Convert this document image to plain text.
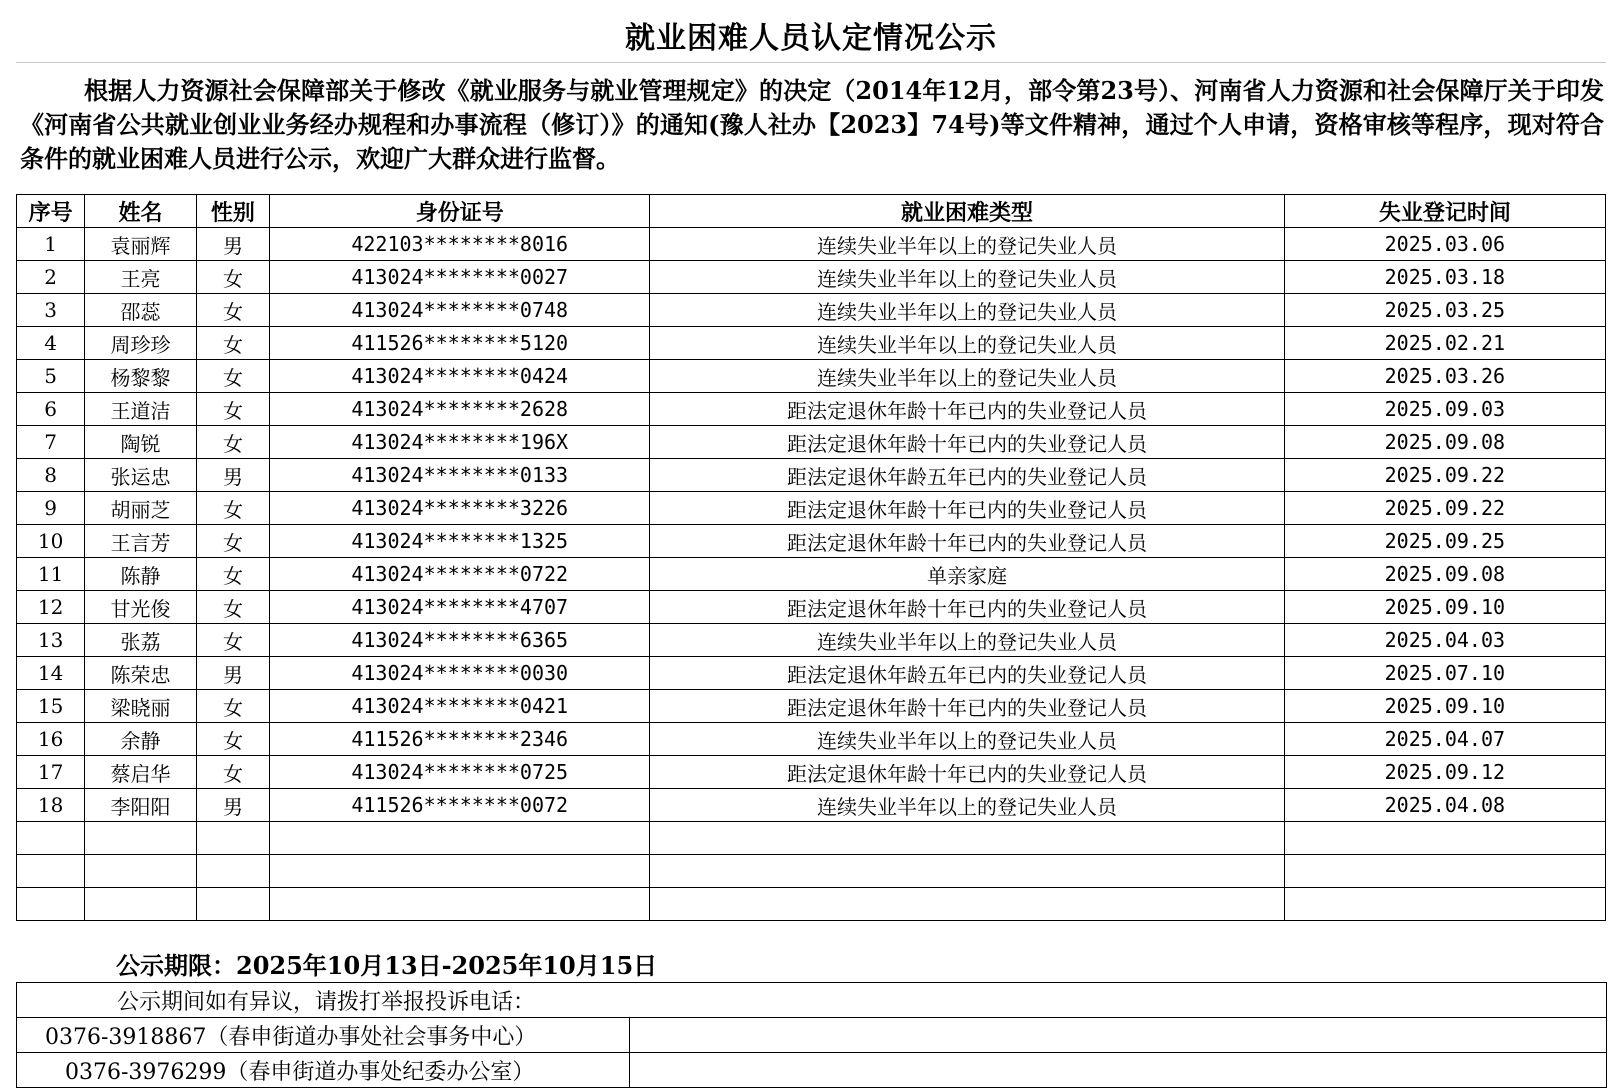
就业困难人员认定情况公示
根据人力资源社会保障部关于修改《就业服务与就业管理规定》的决定（2014年12月，部令第23号）、河南省人力资源和社会保障厅关于印发《河南省公共就业创业业务经办规程和办事流程（修订）》的通知(豫人社办【2023】74号)等文件精神，通过个人申请，资格审核等程序，现对符合条件的就业困难人员进行公示，欢迎广大群众进行监督。
序号	姓名	性别	身份证号	就业困难类型	失业登记时间
1	袁丽辉	男	422103********8016	连续失业半年以上的登记失业人员	2025.03.06
2	王亮	女	413024********0027	连续失业半年以上的登记失业人员	2025.03.18
3	邵蕊	女	413024********0748	连续失业半年以上的登记失业人员	2025.03.25
4	周珍珍	女	411526********5120	连续失业半年以上的登记失业人员	2025.02.21
5	杨黎黎	女	413024********0424	连续失业半年以上的登记失业人员	2025.03.26
6	王道洁	女	413024********2628	距法定退休年龄十年已内的失业登记人员	2025.09.03
7	陶锐	女	413024********196X	距法定退休年龄十年已内的失业登记人员	2025.09.08
8	张运忠	男	413024********0133	距法定退休年龄五年已内的失业登记人员	2025.09.22
9	胡丽芝	女	413024********3226	距法定退休年龄十年已内的失业登记人员	2025.09.22
10	王言芳	女	413024********1325	距法定退休年龄十年已内的失业登记人员	2025.09.25
11	陈静	女	413024********0722	单亲家庭	2025.09.08
12	甘光俊	女	413024********4707	距法定退休年龄十年已内的失业登记人员	2025.09.10
13	张荔	女	413024********6365	连续失业半年以上的登记失业人员	2025.04.03
14	陈荣忠	男	413024********0030	距法定退休年龄五年已内的失业登记人员	2025.07.10
15	梁晓丽	女	413024********0421	距法定退休年龄十年已内的失业登记人员	2025.09.10
16	余静	女	411526********2346	连续失业半年以上的登记失业人员	2025.04.07
17	蔡启华	女	413024********0725	距法定退休年龄十年已内的失业登记人员	2025.09.12
18	李阳阳	男	411526********0072	连续失业半年以上的登记失业人员	2025.04.08

公示期限：2025年10月13日-2025年10月15日
公示期间如有异议，请拨打举报投诉电话：	
0376-3918867（春申街道办事处社会事务中心）	
0376-3976299（春申街道办事处纪委办公室）	
